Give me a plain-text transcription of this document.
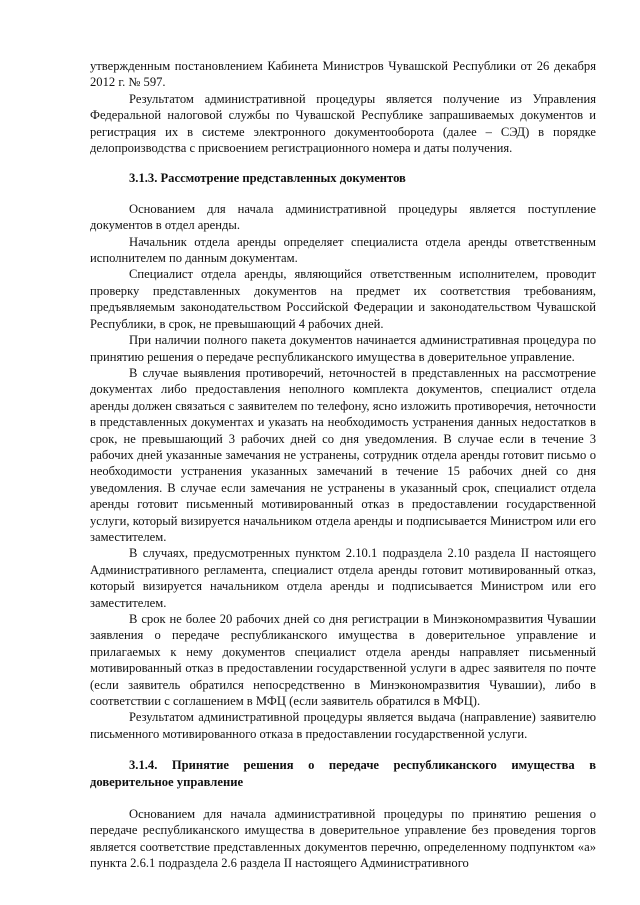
утвержденным постановлением Кабинета Министров Чувашской Республики от 26 декабря 2012 г. № 597.

Результатом административной процедуры является получение из Управления Федеральной налоговой службы по Чувашской Республике запрашиваемых документов и регистрация их в системе электронного документооборота (далее – СЭД) в порядке делопроизводства с присвоением регистрационного номера и даты получения.

3.1.3. Рассмотрение представленных документов

Основанием для начала административной процедуры является поступление документов в отдел аренды.

Начальник отдела аренды определяет специалиста отдела аренды ответственным исполнителем по данным документам.

Специалист отдела аренды, являющийся ответственным исполнителем, проводит проверку представленных документов на предмет их соответствия требованиям, предъявляемым законодательством Российской Федерации и законодательством Чувашской Республики, в срок, не превышающий 4 рабочих дней.

При наличии полного пакета документов начинается административная процедура по принятию решения о передаче республиканского имущества в доверительное управление.

В случае выявления противоречий, неточностей в представленных на рассмотрение документах либо предоставления неполного комплекта документов, специалист отдела аренды должен связаться с заявителем по телефону, ясно изложить противоречия, неточности в представленных документах и указать на необходимость устранения данных недостатков в срок, не превышающий 3 рабочих дней со дня уведомления. В случае если в течение 3 рабочих дней указанные замечания не устранены, сотрудник отдела аренды готовит письмо о необходимости устранения указанных замечаний в течение 15 рабочих дней со дня уведомления. В случае если замечания не устранены в указанный срок, специалист отдела аренды готовит письменный мотивированный отказ в предоставлении государственной услуги, который визируется начальником отдела аренды и подписывается Министром или его заместителем.

В случаях, предусмотренных пунктом 2.10.1 подраздела 2.10 раздела II настоящего Административного регламента, специалист отдела аренды готовит мотивированный отказ, который визируется начальником отдела аренды и подписывается Министром или его заместителем.

В срок не более 20 рабочих дней со дня регистрации в Минэкономразвития Чувашии заявления о передаче республиканского имущества в доверительное управление и прилагаемых к нему документов специалист отдела аренды направляет письменный мотивированный отказ в предоставлении государственной услуги в адрес заявителя по почте (если заявитель обратился непосредственно в Минэкономразвития Чувашии), либо в соответствии с соглашением в МФЦ (если заявитель обратился в МФЦ).

Результатом административной процедуры является выдача (направление) заявителю письменного мотивированного отказа в предоставлении государственной услуги.

3.1.4. Принятие решения о передаче республиканского имущества в доверительное управление

Основанием для начала административной процедуры по принятию решения о передаче республиканского имущества в доверительное управление без проведения торгов является соответствие представленных документов перечню, определенному подпунктом «а» пункта 2.6.1 подраздела 2.6 раздела II настоящего Административного
